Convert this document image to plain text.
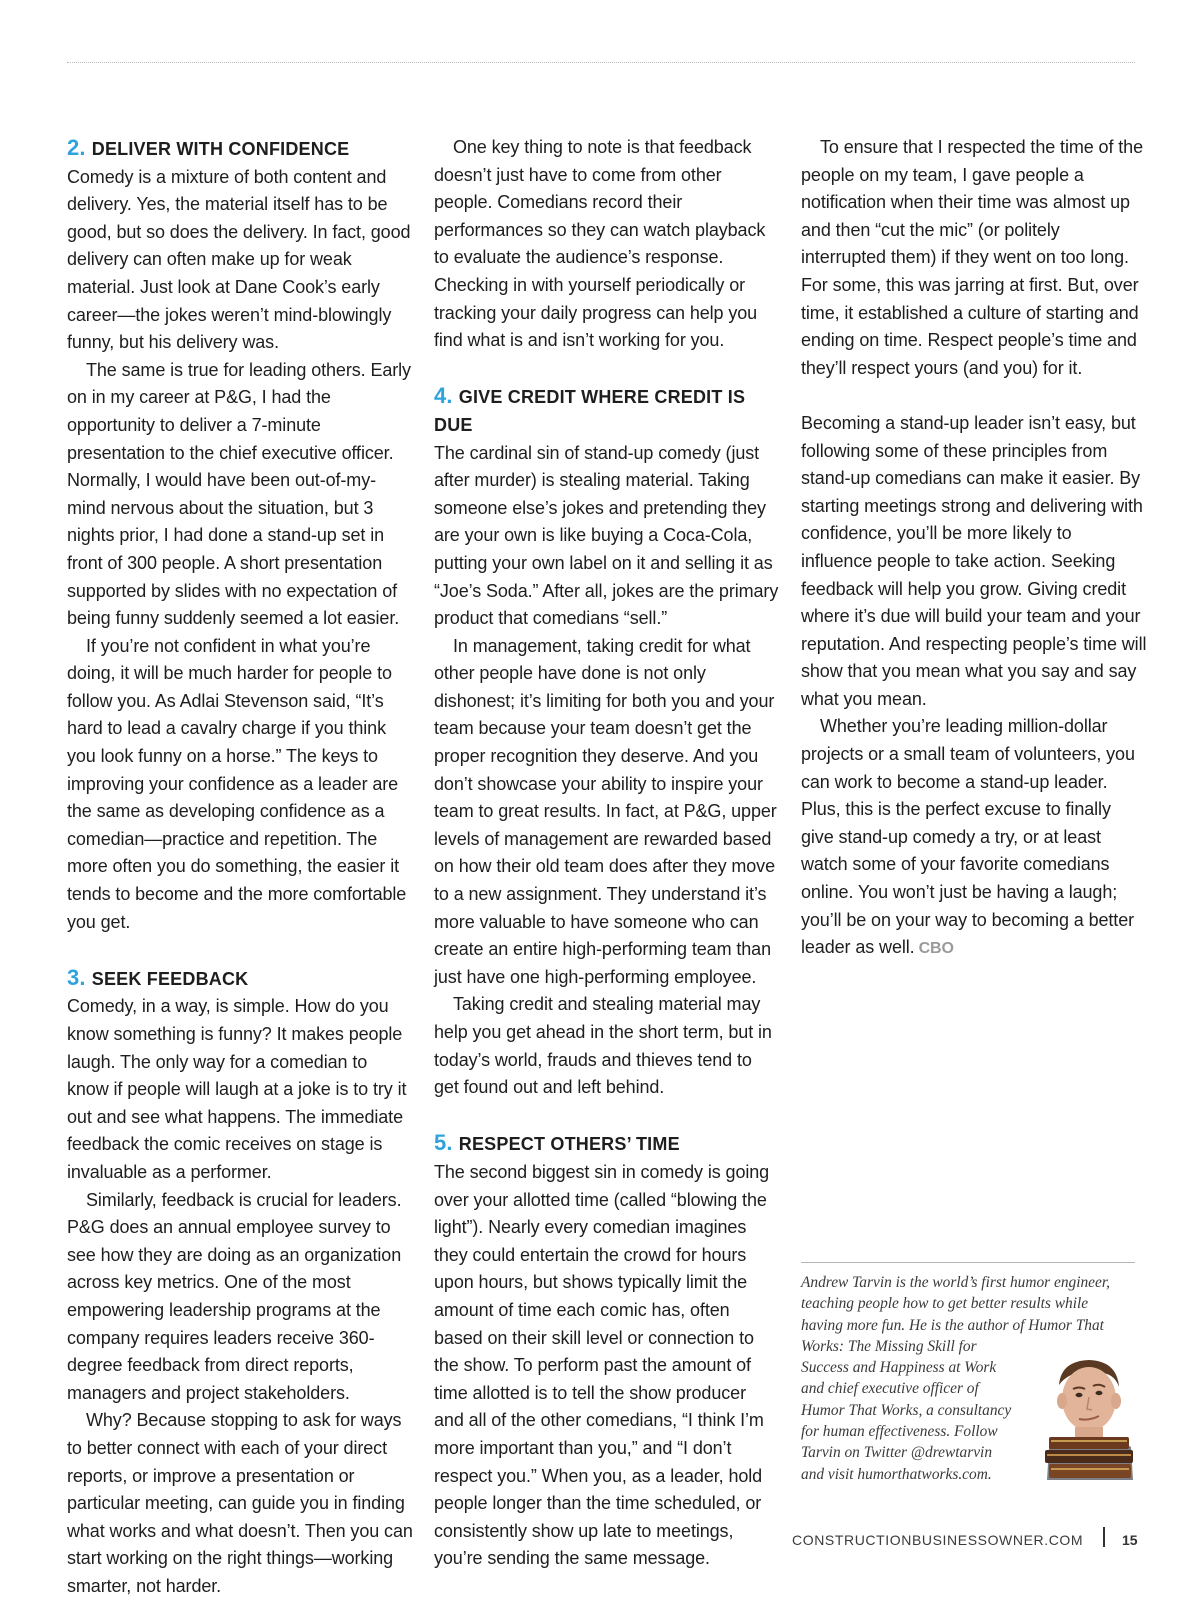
2. DELIVER WITH CONFIDENCE

Comedy is a mixture of both content and delivery. Yes, the material itself has to be good, but so does the delivery. In fact, good delivery can often make up for weak material. Just look at Dane Cook’s early career—the jokes weren’t mind-blowingly funny, but his delivery was.

The same is true for leading others. Early on in my career at P&G, I had the opportunity to deliver a 7-minute presentation to the chief executive officer. Normally, I would have been out-of-my-mind nervous about the situation, but 3 nights prior, I had done a stand-up set in front of 300 people. A short presentation supported by slides with no expectation of being funny suddenly seemed a lot easier.

If you’re not confident in what you’re doing, it will be much harder for people to follow you. As Adlai Stevenson said, “It’s hard to lead a cavalry charge if you think you look funny on a horse.” The keys to improving your confidence as a leader are the same as developing confidence as a comedian—practice and repetition. The more often you do something, the easier it tends to become and the more comfortable you get.

3. SEEK FEEDBACK

Comedy, in a way, is simple. How do you know something is funny? It makes people laugh. The only way for a comedian to know if people will laugh at a joke is to try it out and see what happens. The immediate feedback the comic receives on stage is invaluable as a performer.

Similarly, feedback is crucial for leaders. P&G does an annual employee survey to see how they are doing as an organization across key metrics. One of the most empowering leadership programs at the company requires leaders receive 360-degree feedback from direct reports, managers and project stakeholders.

Why? Because stopping to ask for ways to better connect with each of your direct reports, or improve a presentation or particular meeting, can guide you in finding what works and what doesn’t. Then you can start working on the right things—working smarter, not harder.

One key thing to note is that feedback doesn’t just have to come from other people. Comedians record their performances so they can watch playback to evaluate the audience’s response. Checking in with yourself periodically or tracking your daily progress can help you find what is and isn’t working for you.

4. GIVE CREDIT WHERE CREDIT IS DUE

The cardinal sin of stand-up comedy (just after murder) is stealing material. Taking someone else’s jokes and pretending they are your own is like buying a Coca-Cola, putting your own label on it and selling it as “Joe’s Soda.” After all, jokes are the primary product that comedians “sell.”

In management, taking credit for what other people have done is not only dishonest; it’s limiting for both you and your team because your team doesn’t get the proper recognition they deserve. And you don’t showcase your ability to inspire your team to great results. In fact, at P&G, upper levels of management are rewarded based on how their old team does after they move to a new assignment. They understand it’s more valuable to have someone who can create an entire high-performing team than just have one high-performing employee.

Taking credit and stealing material may help you get ahead in the short term, but in today’s world, frauds and thieves tend to get found out and left behind.

5. RESPECT OTHERS’ TIME

The second biggest sin in comedy is going over your allotted time (called “blowing the light”). Nearly every comedian imagines they could entertain the crowd for hours upon hours, but shows typically limit the amount of time each comic has, often based on their skill level or connection to the show. To perform past the amount of time allotted is to tell the show producer and all of the other comedians, “I think I’m more important than you,” and “I don’t respect you.” When you, as a leader, hold people longer than the time scheduled, or consistently show up late to meetings, you’re sending the same message.

To ensure that I respected the time of the people on my team, I gave people a notification when their time was almost up and then “cut the mic” (or politely interrupted them) if they went on too long. For some, this was jarring at first. But, over time, it established a culture of starting and ending on time. Respect people’s time and they’ll respect yours (and you) for it.

Becoming a stand-up leader isn’t easy, but following some of these principles from stand-up comedians can make it easier. By starting meetings strong and delivering with confidence, you’ll be more likely to influence people to take action. Seeking feedback will help you grow. Giving credit where it’s due will build your team and your reputation. And respecting people’s time will show that you mean what you say and say what you mean.

Whether you’re leading million-dollar projects or a small team of volunteers, you can work to become a stand-up leader. Plus, this is the perfect excuse to finally give stand-up comedy a try, or at least watch some of your favorite comedians online. You won’t just be having a laugh; you’ll be on your way to becoming a better leader as well. CBO

Andrew Tarvin is the world’s first humor engineer,
teaching people how to get better results while
having more fun. He is the author of Humor That
Works: The Missing Skill for
Success and Happiness at Work
and chief executive officer of
Humor That Works, a consultancy
for human effectiveness. Follow
Tarvin on Twitter @drewtarvin
and visit humorthatworks.com.
CONSTRUCTIONBUSINESSOWNER.COM	15
